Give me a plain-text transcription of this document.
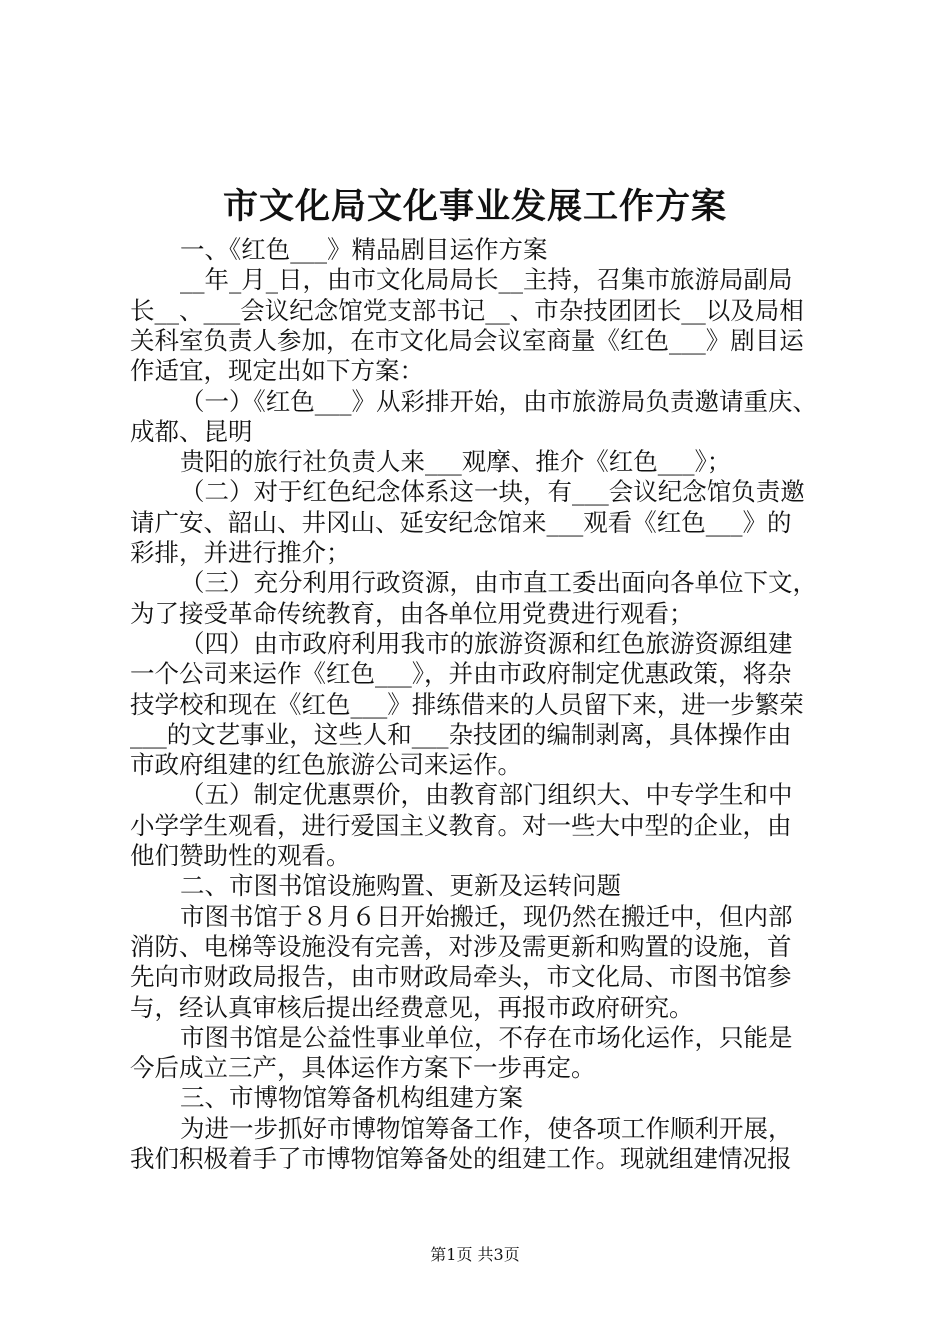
市文化局文化事业发展工作方案
一、《红色___》精品剧目运作方案
__年_月_日，由市文化局局长__主持，召集市旅游局副局
长__、___会议纪念馆党支部书记__、市杂技团团长__以及局相
关科室负责人参加，在市文化局会议室商量《红色___》剧目运
作适宜，现定出如下方案：
（一）《红色___》从彩排开始，由市旅游局负责邀请重庆、
成都、昆明
贵阳的旅行社负责人来___观摩、推介《红色___》；
（二）对于红色纪念体系这一块，有___会议纪念馆负责邀
请广安、韶山、井冈山、延安纪念馆来___观看《红色___》的
彩排，并进行推介；
（三）充分利用行政资源，由市直工委出面向各单位下文，
为了接受革命传统教育，由各单位用党费进行观看；
（四）由市政府利用我市的旅游资源和红色旅游资源组建
一个公司来运作《红色___》，并由市政府制定优惠政策，将杂
技学校和现在《红色___》排练借来的人员留下来，进一步繁荣
___的文艺事业，这些人和___杂技团的编制剥离，具体操作由
市政府组建的红色旅游公司来运作。
（五）制定优惠票价，由教育部门组织大、中专学生和中
小学学生观看，进行爱国主义教育。对一些大中型的企业，由
他们赞助性的观看。
二、市图书馆设施购置、更新及运转问题
市图书馆于８月６日开始搬迁，现仍然在搬迁中，但内部
消防、电梯等设施没有完善，对涉及需更新和购置的设施，首
先向市财政局报告，由市财政局牵头，市文化局、市图书馆参
与，经认真审核后提出经费意见，再报市政府研究。
市图书馆是公益性事业单位，不存在市场化运作，只能是
今后成立三产，具体运作方案下一步再定。
三、市博物馆筹备机构组建方案
为进一步抓好市博物馆筹备工作，使各项工作顺利开展，
我们积极着手了市博物馆筹备处的组建工作。现就组建情况报
第1页 共3页
